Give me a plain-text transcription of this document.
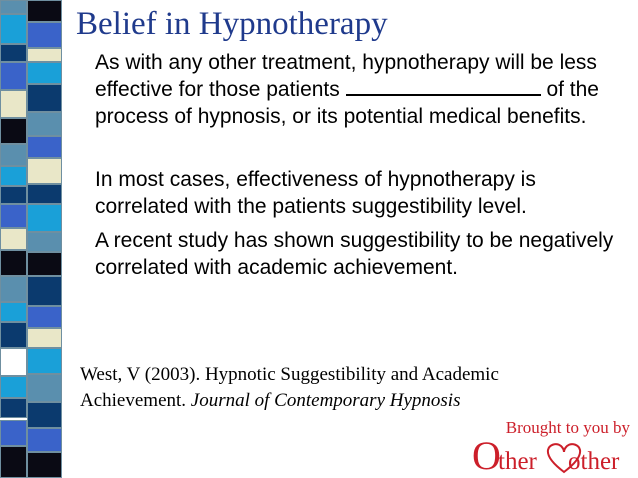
Belief in Hypnotherapy
As with any other treatment, hypnotherapy will be less effective for those patients	of the process of hypnosis, or its potential medical benefits.
In most cases, effectiveness of hypnotherapy is correlated with the patients suggestibility level.
A recent study has shown suggestibility to be negatively correlated with academic achievement.
West, V (2003). Hypnotic Suggestibility and Academic Achievement. Journal of Contemporary Hypnosis
Brought to you by
O
ther other
